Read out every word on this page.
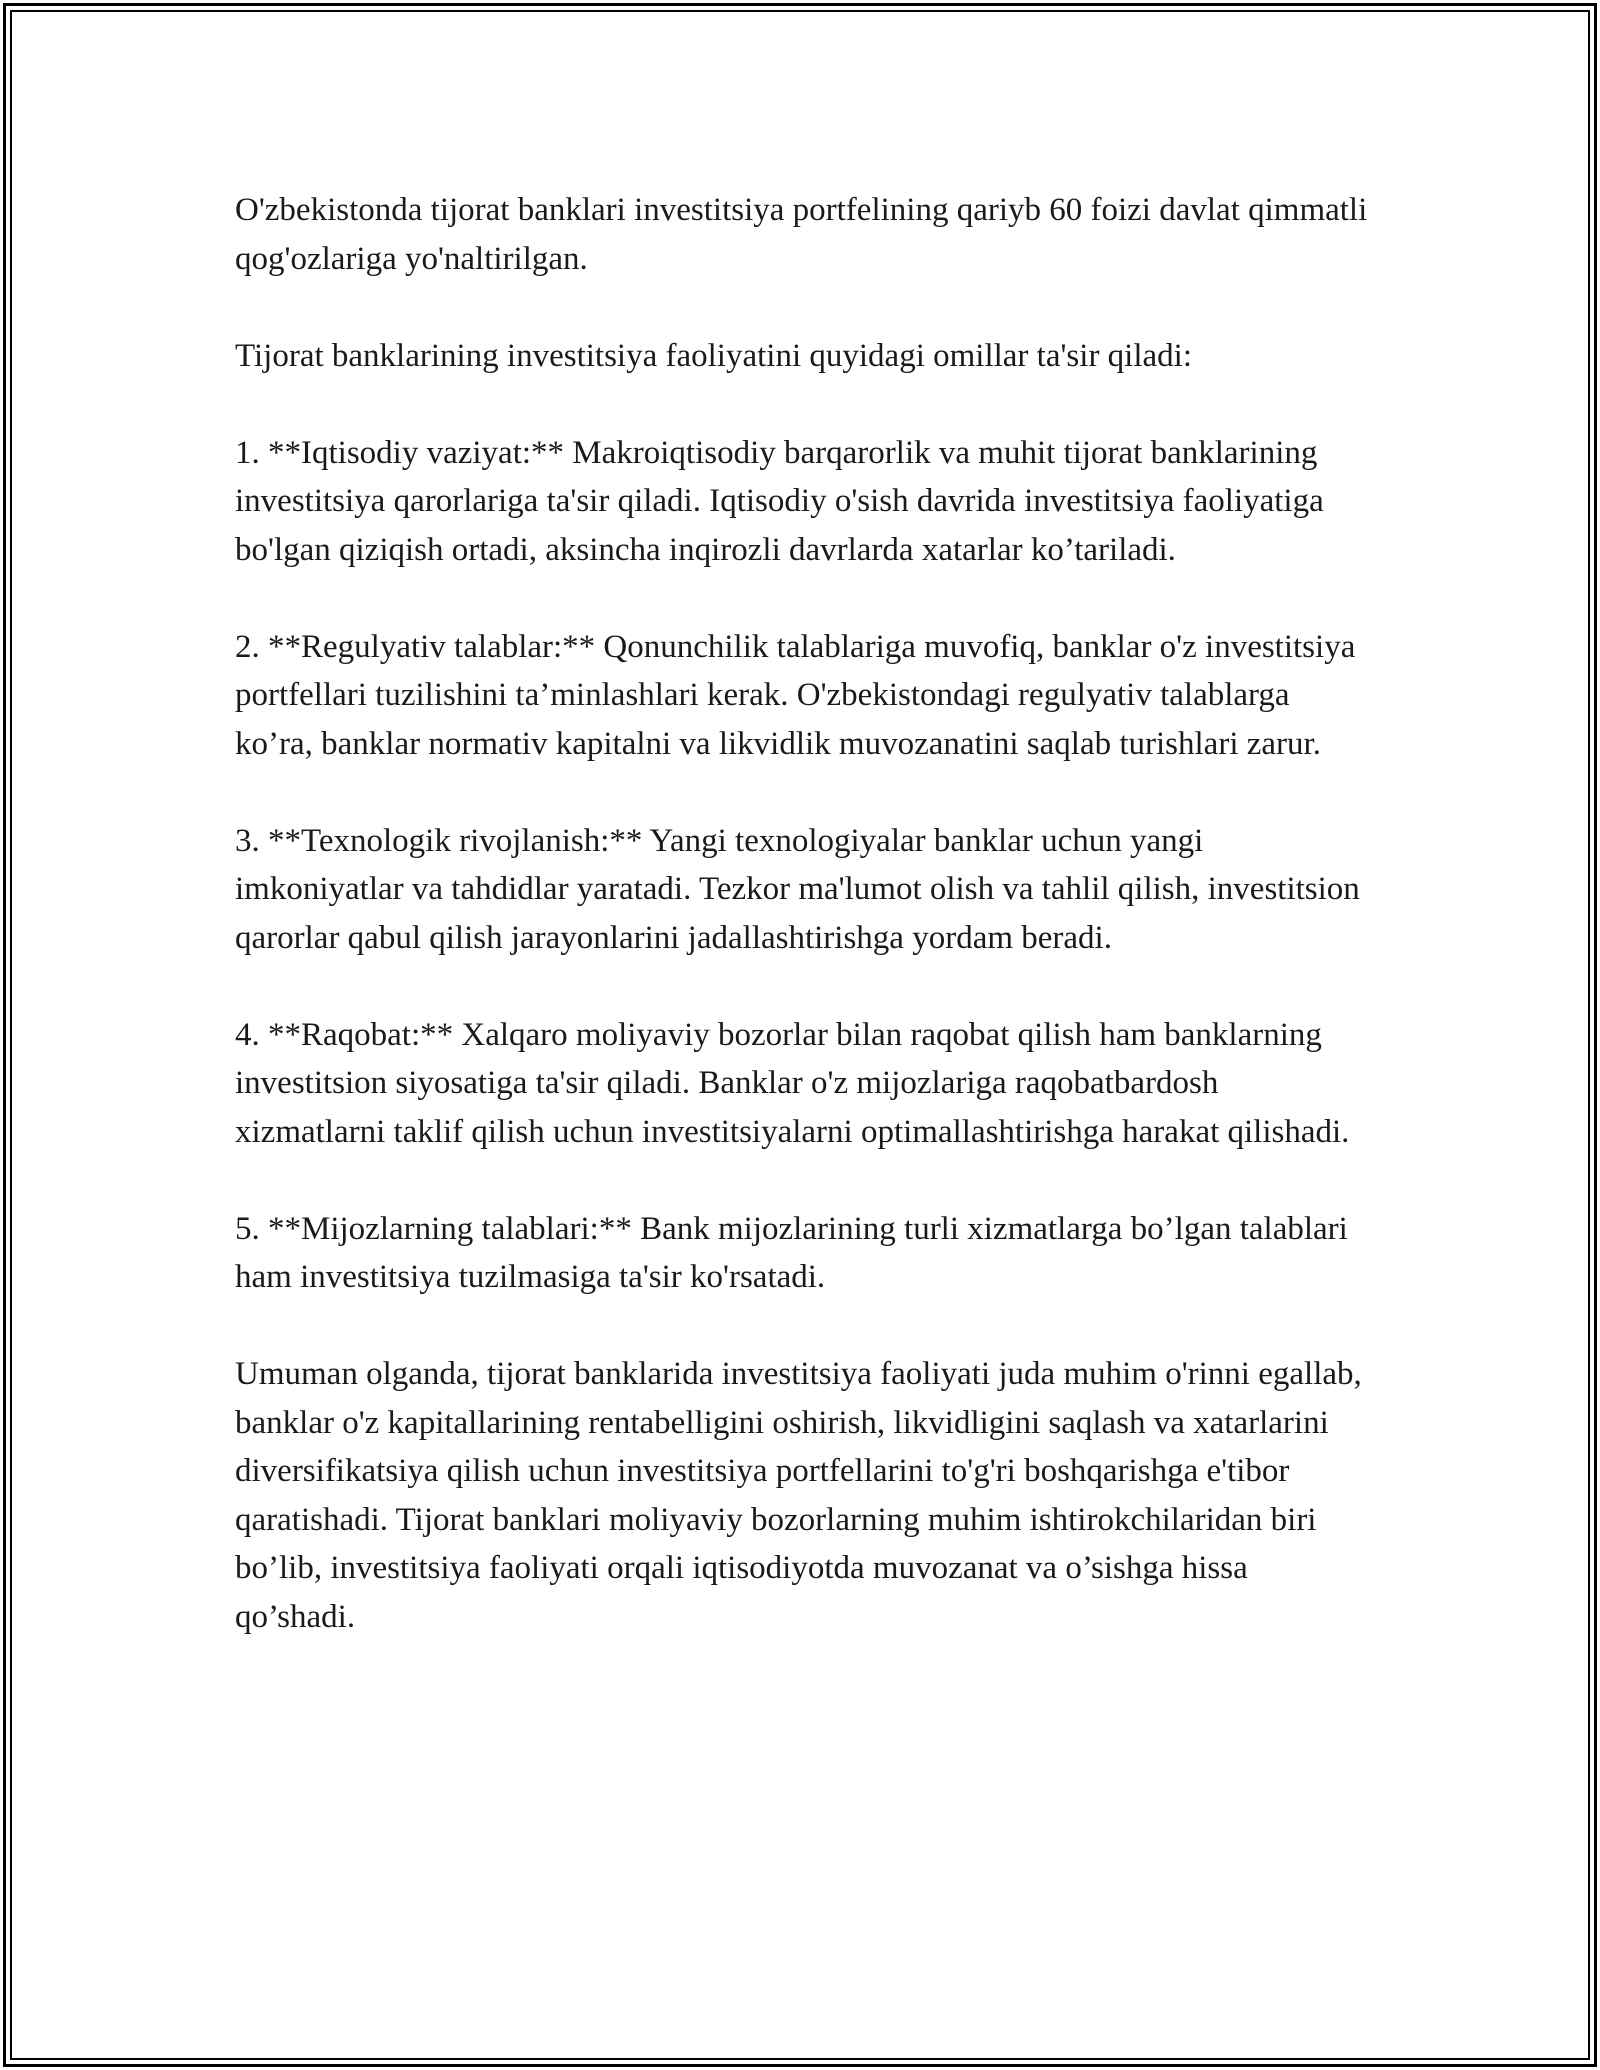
O'zbekistonda tijorat banklari investitsiya portfelining qariyb 60 foizi davlat qimmatli qog'ozlariga yo'naltirilgan.

Tijorat banklarining investitsiya faoliyatini quyidagi omillar ta'sir qiladi:

1. **Iqtisodiy vaziyat:** Makroiqtisodiy barqarorlik va muhit tijorat banklarining investitsiya qarorlariga ta'sir qiladi. Iqtisodiy o'sish davrida investitsiya faoliyatiga bo'lgan qiziqish ortadi, aksincha inqirozli davrlarda xatarlar ko’tariladi.

2. **Regulyativ talablar:** Qonunchilik talablariga muvofiq, banklar o'z investitsiya portfellari tuzilishini ta’minlashlari kerak. O'zbekistondagi regulyativ talablarga ko’ra, banklar normativ kapitalni va likvidlik muvozanatini saqlab turishlari zarur.

3. **Texnologik rivojlanish:** Yangi texnologiyalar banklar uchun yangi imkoniyatlar va tahdidlar yaratadi. Tezkor ma'lumot olish va tahlil qilish, investitsion qarorlar qabul qilish jarayonlarini jadallashtirishga yordam beradi.

4. **Raqobat:** Xalqaro moliyaviy bozorlar bilan raqobat qilish ham banklarning investitsion siyosatiga ta'sir qiladi. Banklar o'z mijozlariga raqobatbardosh xizmatlarni taklif qilish uchun investitsiyalarni optimallashtirishga harakat qilishadi.

5. **Mijozlarning talablari:** Bank mijozlarining turli xizmatlarga bo’lgan talablari ham investitsiya tuzilmasiga ta'sir ko'rsatadi.

Umuman olganda, tijorat banklarida investitsiya faoliyati juda muhim o'rinni egallab, banklar o'z kapitallarining rentabelligini oshirish, likvidligini saqlash va xatarlarini diversifikatsiya qilish uchun investitsiya portfellarini to'g'ri boshqarishga e'tibor qaratishadi. Tijorat banklari moliyaviy bozorlarning muhim ishtirokchilaridan biri bo’lib, investitsiya faoliyati orqali iqtisodiyotda muvozanat va o’sishga hissa qo’shadi.
